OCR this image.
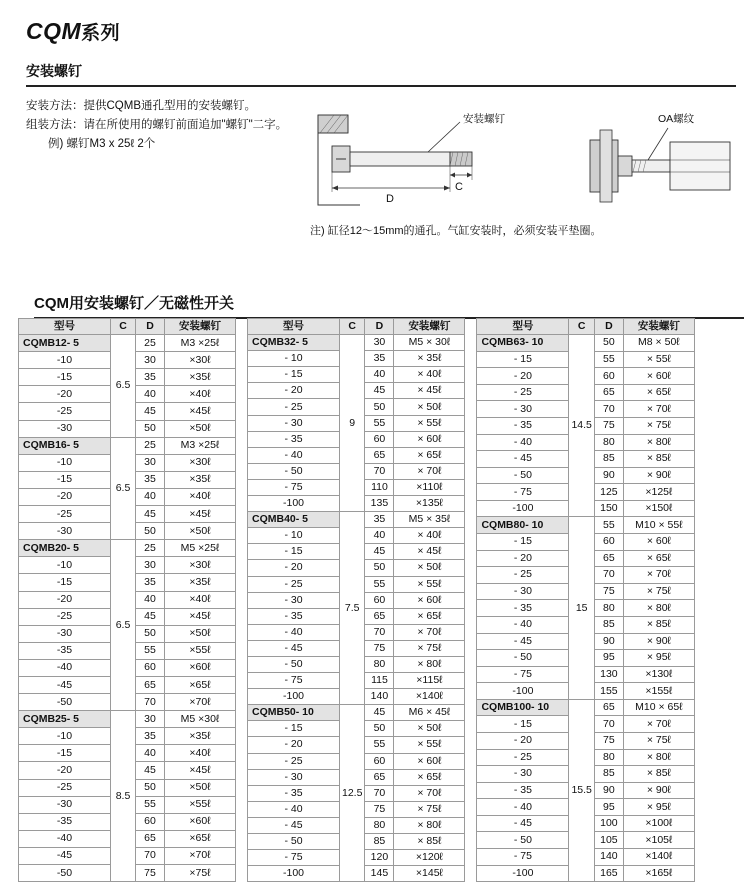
CQM系列
安装螺钉
安装方法：提供CQMB通孔型用的安装螺钉。
组装方法：请在所使用的螺钉前面追加"螺钉"二字。
例) 螺钉M3 x 25ℓ 2个
安装螺钉
D
C
OA螺纹
注) 缸径12～15mm的通孔。气缸安装时，必须安装平垫圈。
CQM用安装螺钉／无磁性开关
型号	C	D	安装螺钉
CQMB12- 5	6.5	25	M3 ×25ℓ
-10		30	×30ℓ
-15		35	×35ℓ
-20		40	×40ℓ
-25		45	×45ℓ
-30		50	×50ℓ
CQMB16- 5	6.5	25	M3 ×25ℓ
-10		30	×30ℓ
-15		35	×35ℓ
-20		40	×40ℓ
-25		45	×45ℓ
-30		50	×50ℓ
CQMB20- 5	6.5	25	M5 ×25ℓ
-10		30	×30ℓ
-15		35	×35ℓ
-20		40	×40ℓ
-25		45	×45ℓ
-30		50	×50ℓ
-35		55	×55ℓ
-40		60	×60ℓ
-45		65	×65ℓ
-50		70	×70ℓ
CQMB25- 5	8.5	30	M5 ×30ℓ
-10		35	×35ℓ
-15		40	×40ℓ
-20		45	×45ℓ
-25		50	×50ℓ
-30		55	×55ℓ
-35		60	×60ℓ
-40		65	×65ℓ
-45		70	×70ℓ
-50		75	×75ℓ
型号	C	D	安装螺钉
CQMB32- 5	9	30	M5 × 30ℓ
- 10		35	× 35ℓ
- 15		40	× 40ℓ
- 20		45	× 45ℓ
- 25		50	× 50ℓ
- 30		55	× 55ℓ
- 35		60	× 60ℓ
- 40		65	× 65ℓ
- 50		70	× 70ℓ
- 75		110	×110ℓ
-100		135	×135ℓ
CQMB40- 5	7.5	35	M5 × 35ℓ
- 10		40	× 40ℓ
- 15		45	× 45ℓ
- 20		50	× 50ℓ
- 25		55	× 55ℓ
- 30		60	× 60ℓ
- 35		65	× 65ℓ
- 40		70	× 70ℓ
- 45		75	× 75ℓ
- 50		80	× 80ℓ
- 75		115	×115ℓ
-100		140	×140ℓ
CQMB50- 10	12.5	45	M6 × 45ℓ
- 15		50	× 50ℓ
- 20		55	× 55ℓ
- 25		60	× 60ℓ
- 30		65	× 65ℓ
- 35		70	× 70ℓ
- 40		75	× 75ℓ
- 45		80	× 80ℓ
- 50		85	× 85ℓ
- 75		120	×120ℓ
-100		145	×145ℓ
型号	C	D	安装螺钉
CQMB63- 10	14.5	50	M8 × 50ℓ
- 15		55	× 55ℓ
- 20		60	× 60ℓ
- 25		65	× 65ℓ
- 30		70	× 70ℓ
- 35		75	× 75ℓ
- 40		80	× 80ℓ
- 45		85	× 85ℓ
- 50		90	× 90ℓ
- 75		125	×125ℓ
-100		150	×150ℓ
CQMB80- 10	15	55	M10 × 55ℓ
- 15		60	× 60ℓ
- 20		65	× 65ℓ
- 25		70	× 70ℓ
- 30		75	× 75ℓ
- 35		80	× 80ℓ
- 40		85	× 85ℓ
- 45		90	× 90ℓ
- 50		95	× 95ℓ
- 75		130	×130ℓ
-100		155	×155ℓ
CQMB100- 10	15.5	65	M10 × 65ℓ
- 15		70	× 70ℓ
- 20		75	× 75ℓ
- 25		80	× 80ℓ
- 30		85	× 85ℓ
- 35		90	× 90ℓ
- 40		95	× 95ℓ
- 45		100	×100ℓ
- 50		105	×105ℓ
- 75		140	×140ℓ
-100		165	×165ℓ
